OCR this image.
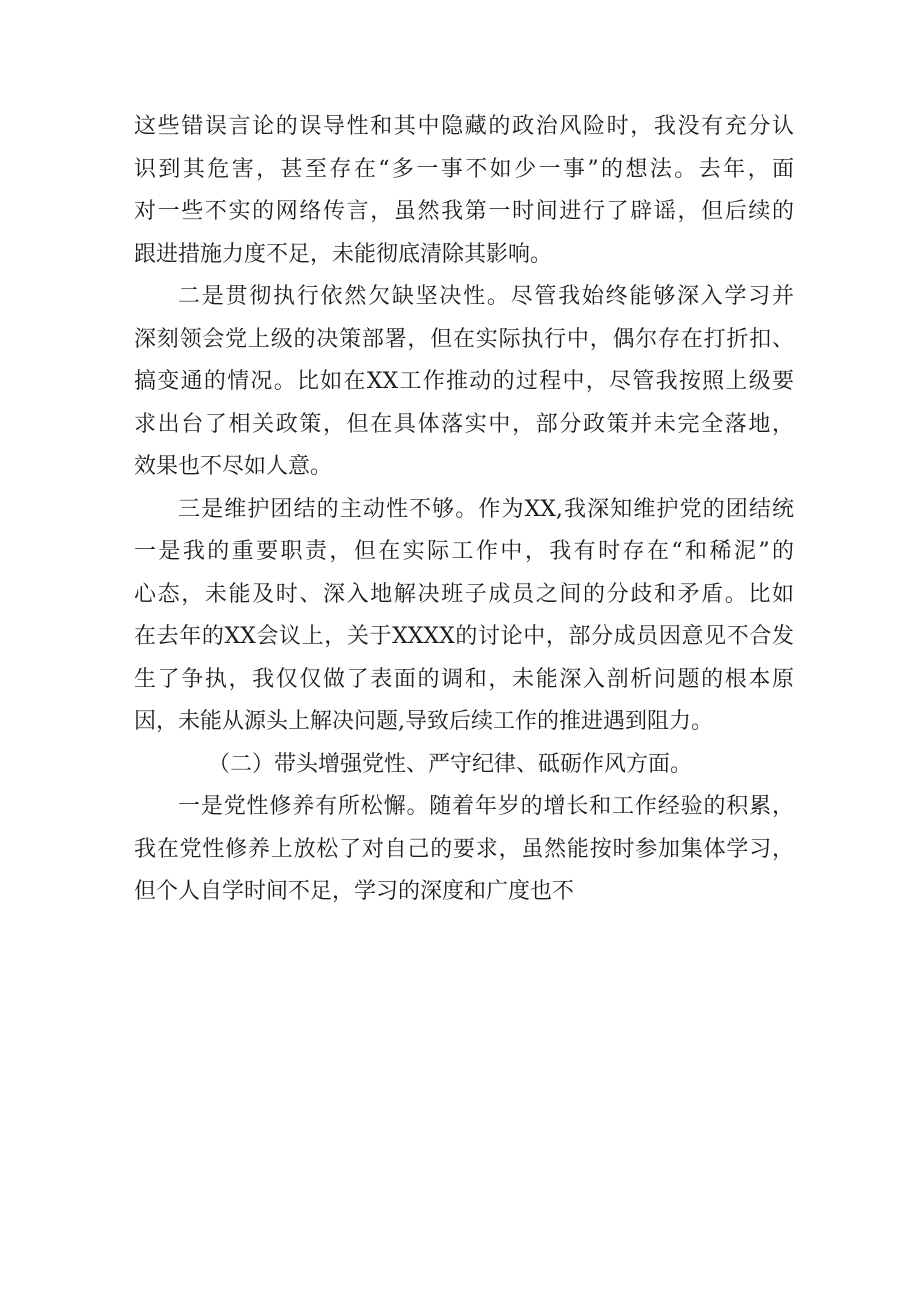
这些错误言论的误导性和其中隐藏的政治风险时，我没有充分认
识到其危害，甚至存在“多一事不如少一事”的想法。去年，面
对一些不实的网络传言，虽然我第一时间进行了辟谣，但后续的
跟进措施力度不足，未能彻底清除其影响。
二是贯彻执行依然欠缺坚决性。尽管我始终能够深入学习并
深刻领会党上级的决策部署，但在实际执行中，偶尔存在打折扣、
搞变通的情况。比如在XX工作推动的过程中，尽管我按照上级要
求出台了相关政策，但在具体落实中，部分政策并未完全落地，
效果也不尽如人意。
三是维护团结的主动性不够。作为XX,我深知维护党的团结统
一是我的重要职责，但在实际工作中，我有时存在“和稀泥”的
心态，未能及时、深入地解决班子成员之间的分歧和矛盾。比如
在去年的XX会议上，关于XXXX的讨论中，部分成员因意见不合发
生了争执，我仅仅做了表面的调和，未能深入剖析问题的根本原
因，未能从源头上解决问题,导致后续工作的推进遇到阻力。
（二）带头增强党性、严守纪律、砥砺作风方面。
一是党性修养有所松懈。随着年岁的增长和工作经验的积累，
我在党性修养上放松了对自己的要求，虽然能按时参加集体学习，
但个人自学时间不足，学习的深度和广度也不
